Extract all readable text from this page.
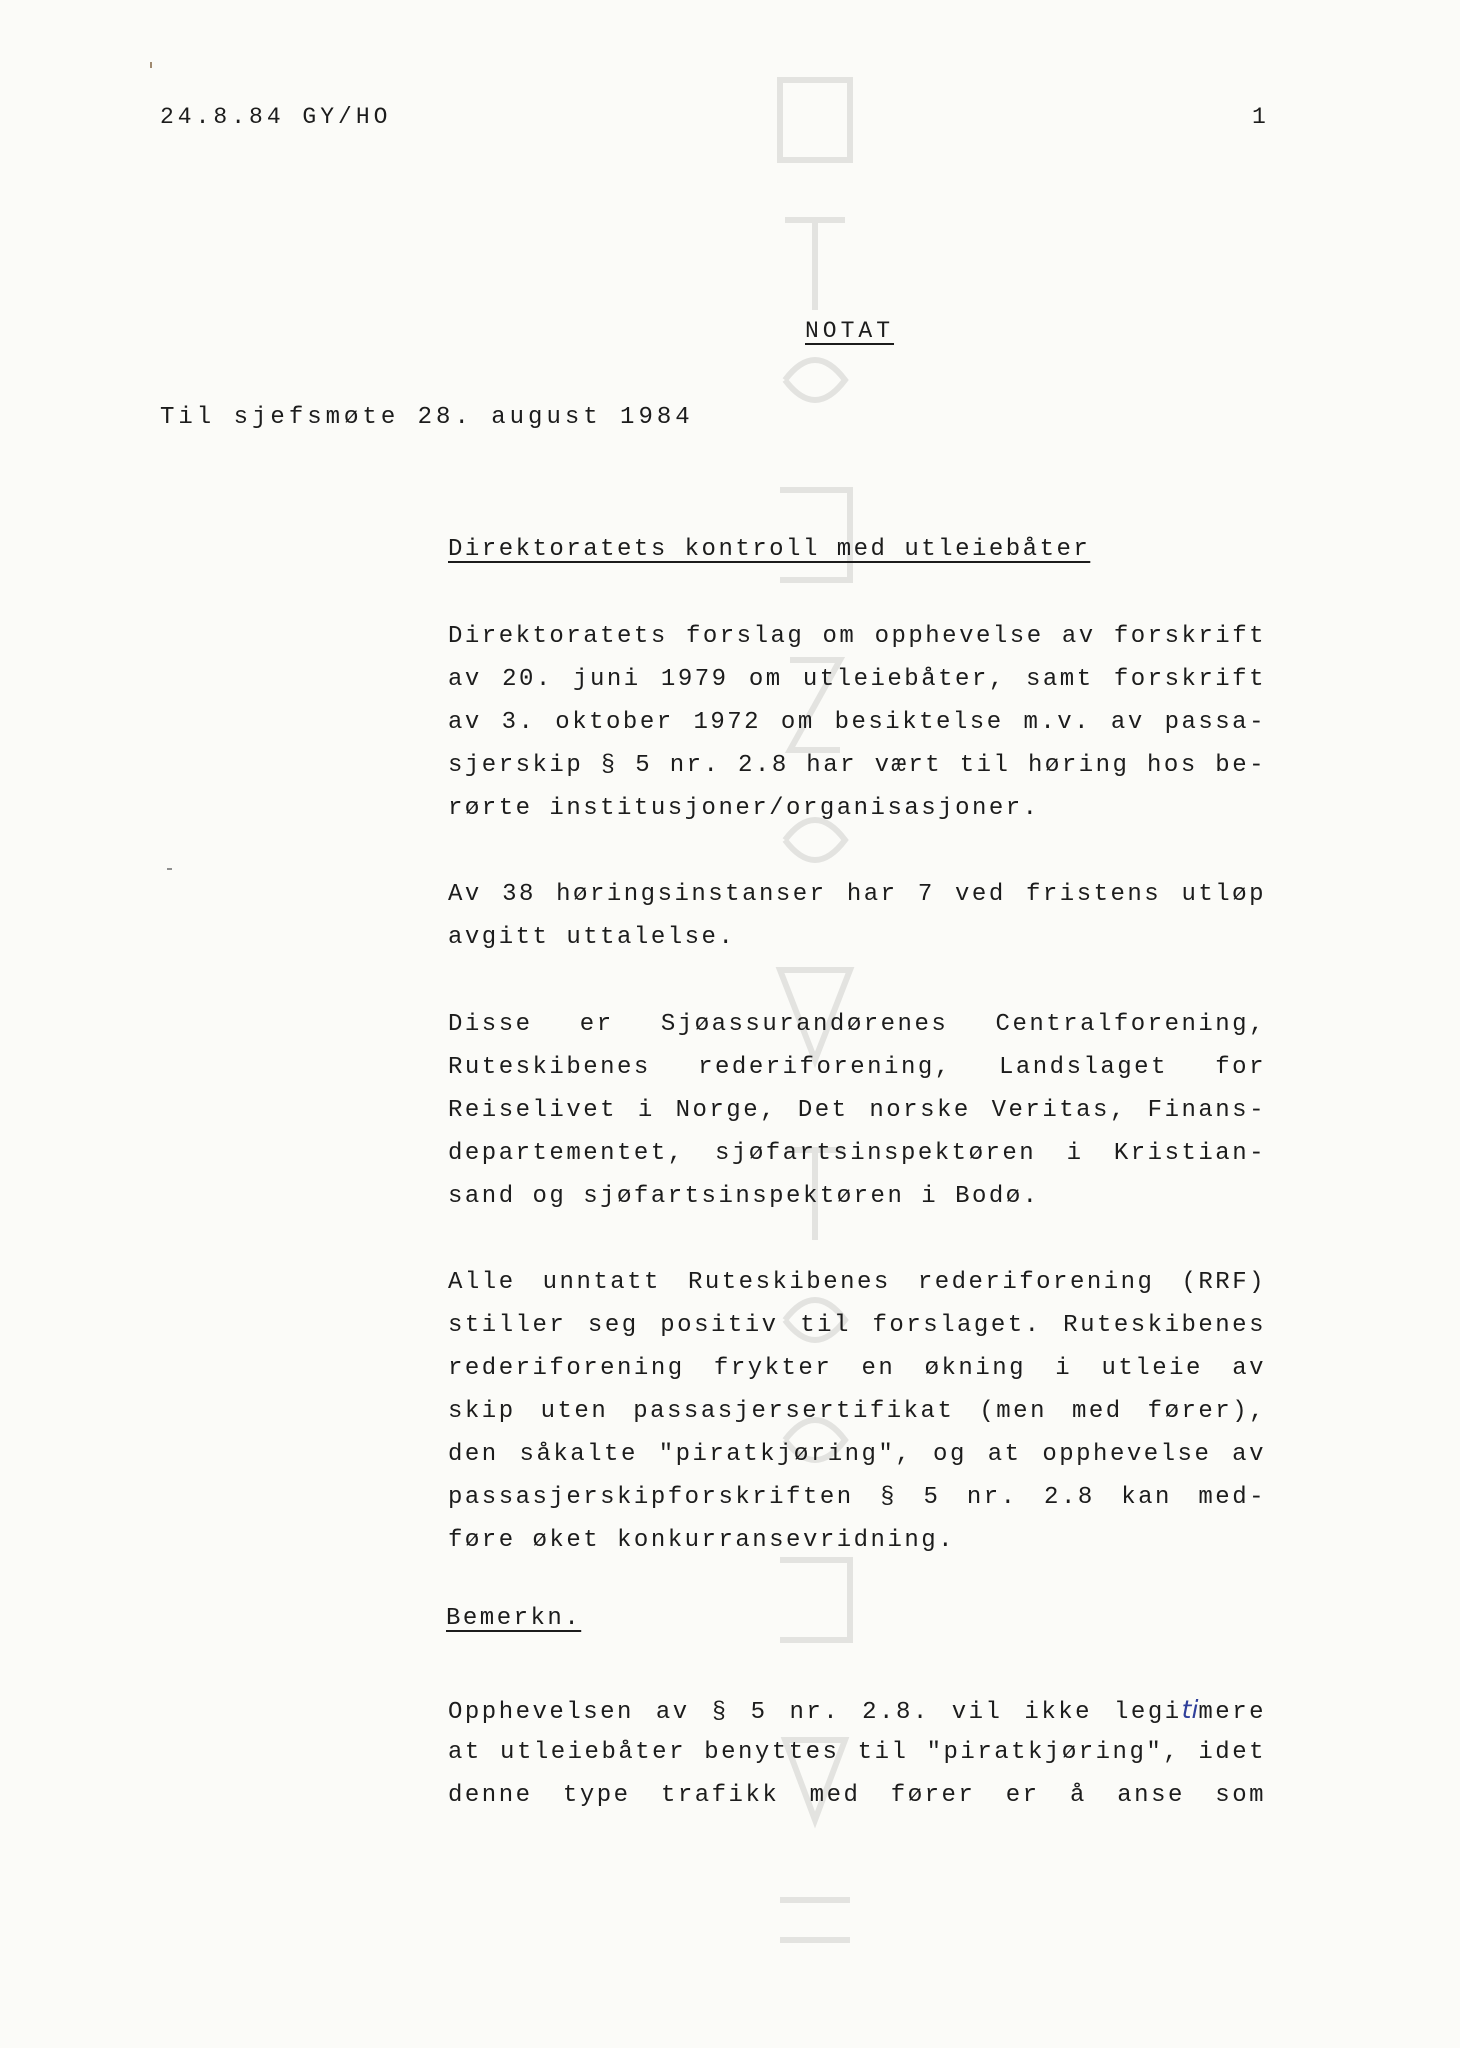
24.8.84 GY/HO	1

NOTAT

Til sjefsmøte 28. august 1984

Direktoratets kontroll med utleiebåter

Direktoratets forslag om opphevelse av forskrift
av 20. juni 1979 om utleiebåter, samt forskrift
av 3. oktober 1972 om besiktelse m.v. av passa-
sjerskip § 5 nr. 2.8 har vært til høring hos be-
rørte institusjoner/organisasjoner.
Av 38 høringsinstanser har 7 ved fristens utløp
avgitt uttalelse.
Disse er Sjøassurandørenes Centralforening,
Ruteskibenes rederiforening, Landslaget for
Reiselivet i Norge, Det norske Veritas, Finans-
departementet, sjøfartsinspektøren i Kristian-
sand og sjøfartsinspektøren i Bodø.
Alle unntatt Ruteskibenes rederiforening (RRF)
stiller seg positiv til forslaget. Ruteskibenes
rederiforening frykter en økning i utleie av
skip uten passasjersertifikat (men med fører),
den såkalte "piratkjøring", og at opphevelse av
passasjerskipforskriften § 5 nr. 2.8 kan med-
føre øket konkurransevridning.

Bemerkn.

Opphevelsen av § 5 nr. 2.8. vil ikke legitimere
at utleiebåter benyttes til "piratkjøring", idet
denne type trafikk med fører er å anse som
